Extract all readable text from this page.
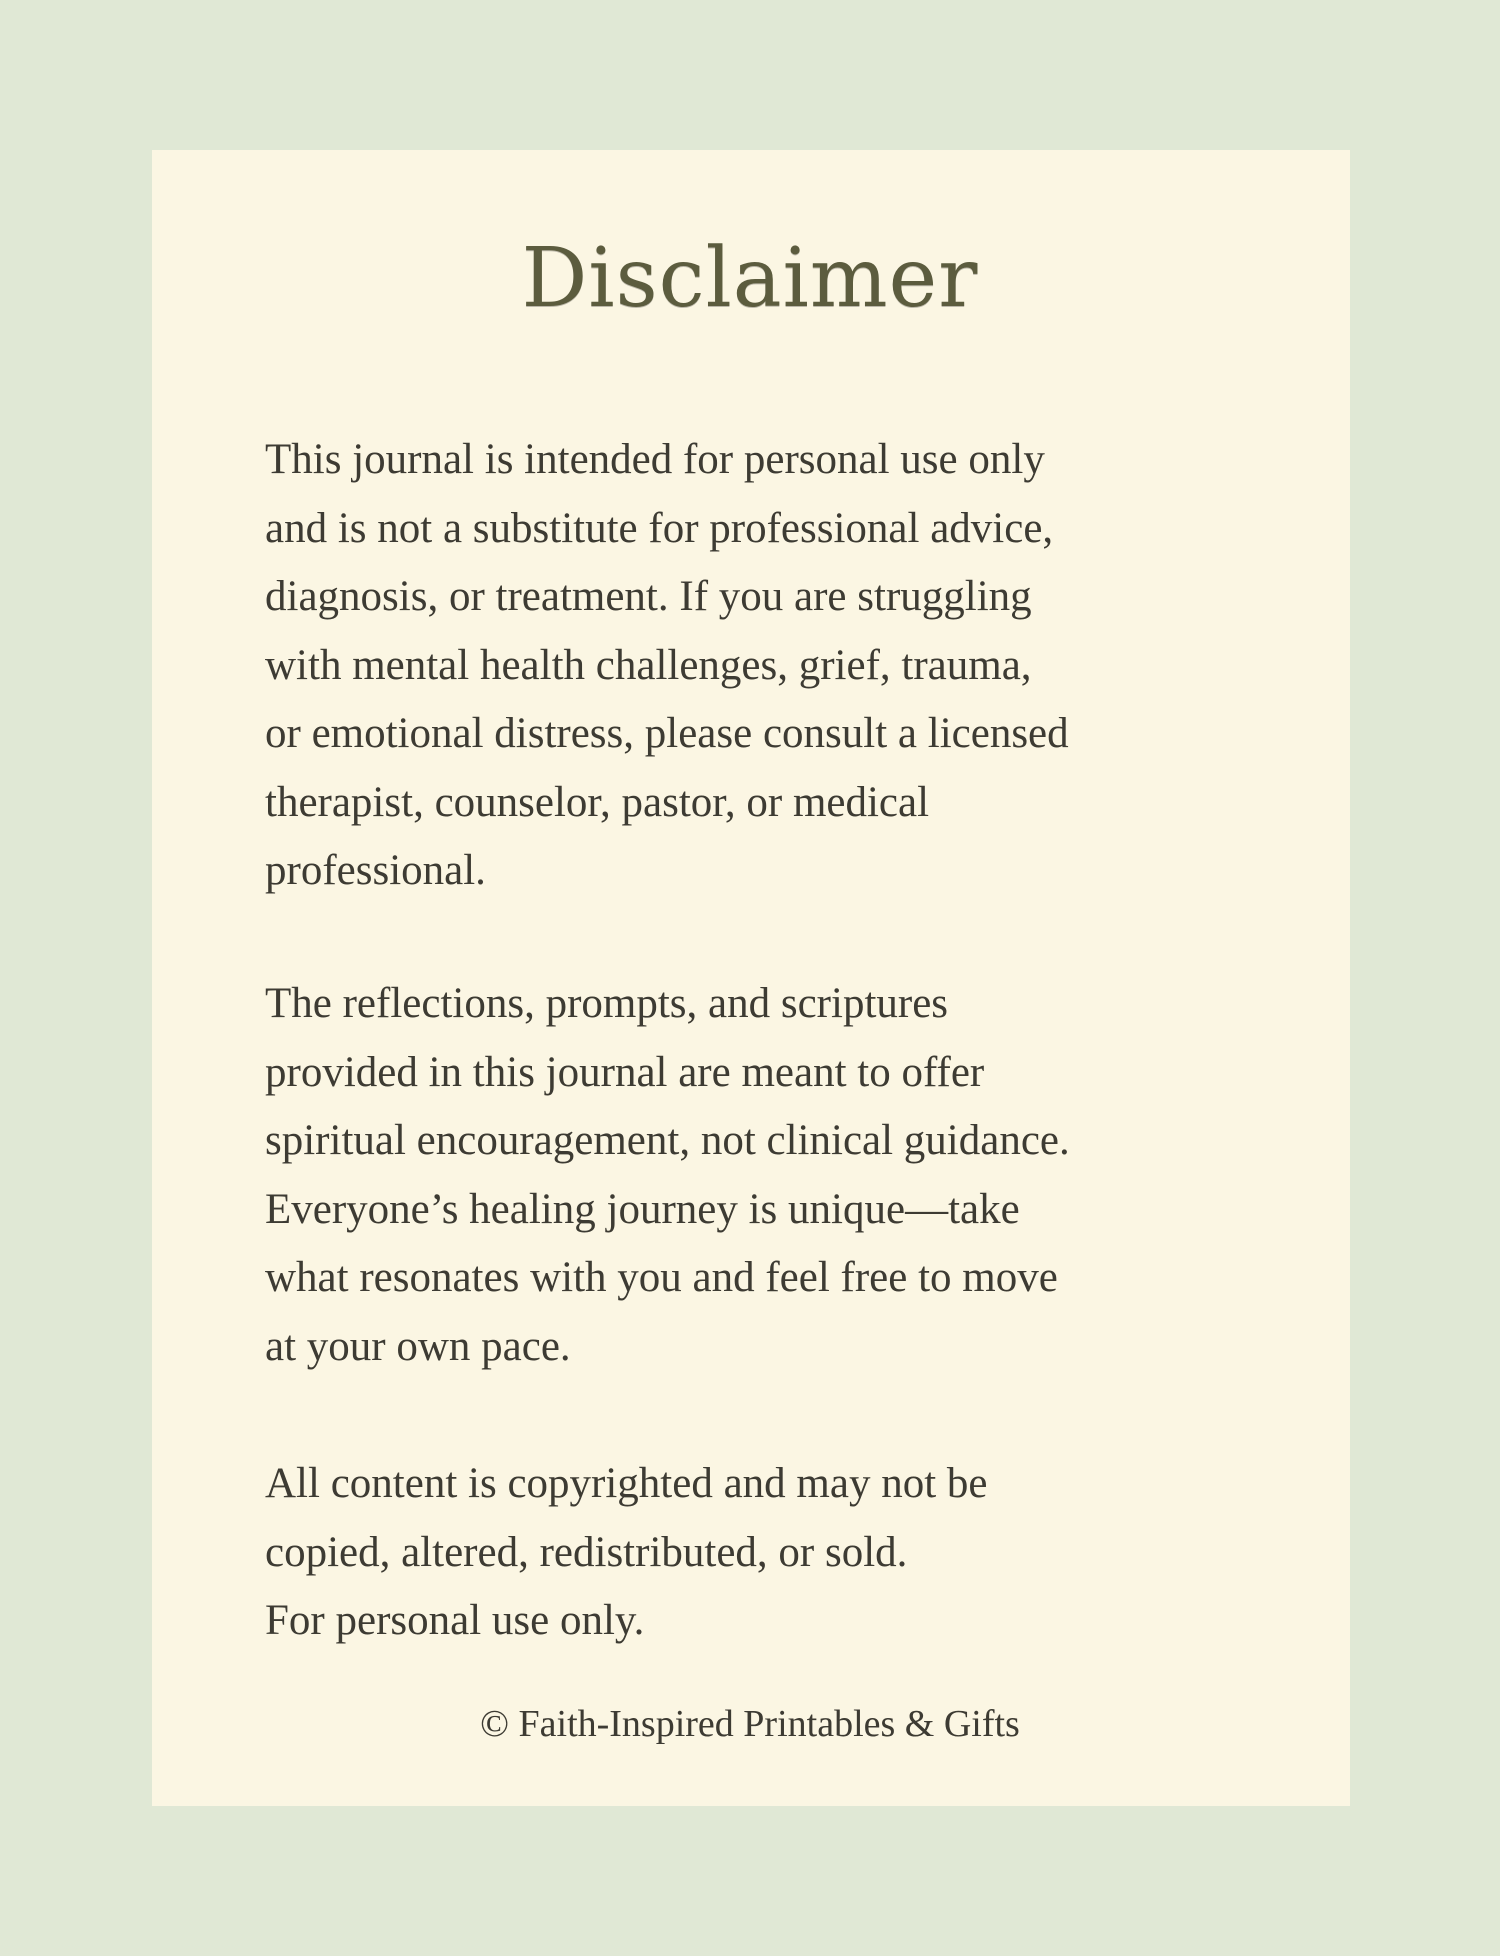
Disclaimer

This journal is intended for personal use only
and is not a substitute for professional advice,
diagnosis, or treatment. If you are struggling
with mental health challenges, grief, trauma,
or emotional distress, please consult a licensed
therapist, counselor, pastor, or medical
professional.

The reflections, prompts, and scriptures
provided in this journal are meant to offer
spiritual encouragement, not clinical guidance.
Everyone’s healing journey is unique—take
what resonates with you and feel free to move
at your own pace.

All content is copyrighted and may not be
copied, altered, redistributed, or sold.
For personal use only.

© Faith-Inspired Printables & Gifts
